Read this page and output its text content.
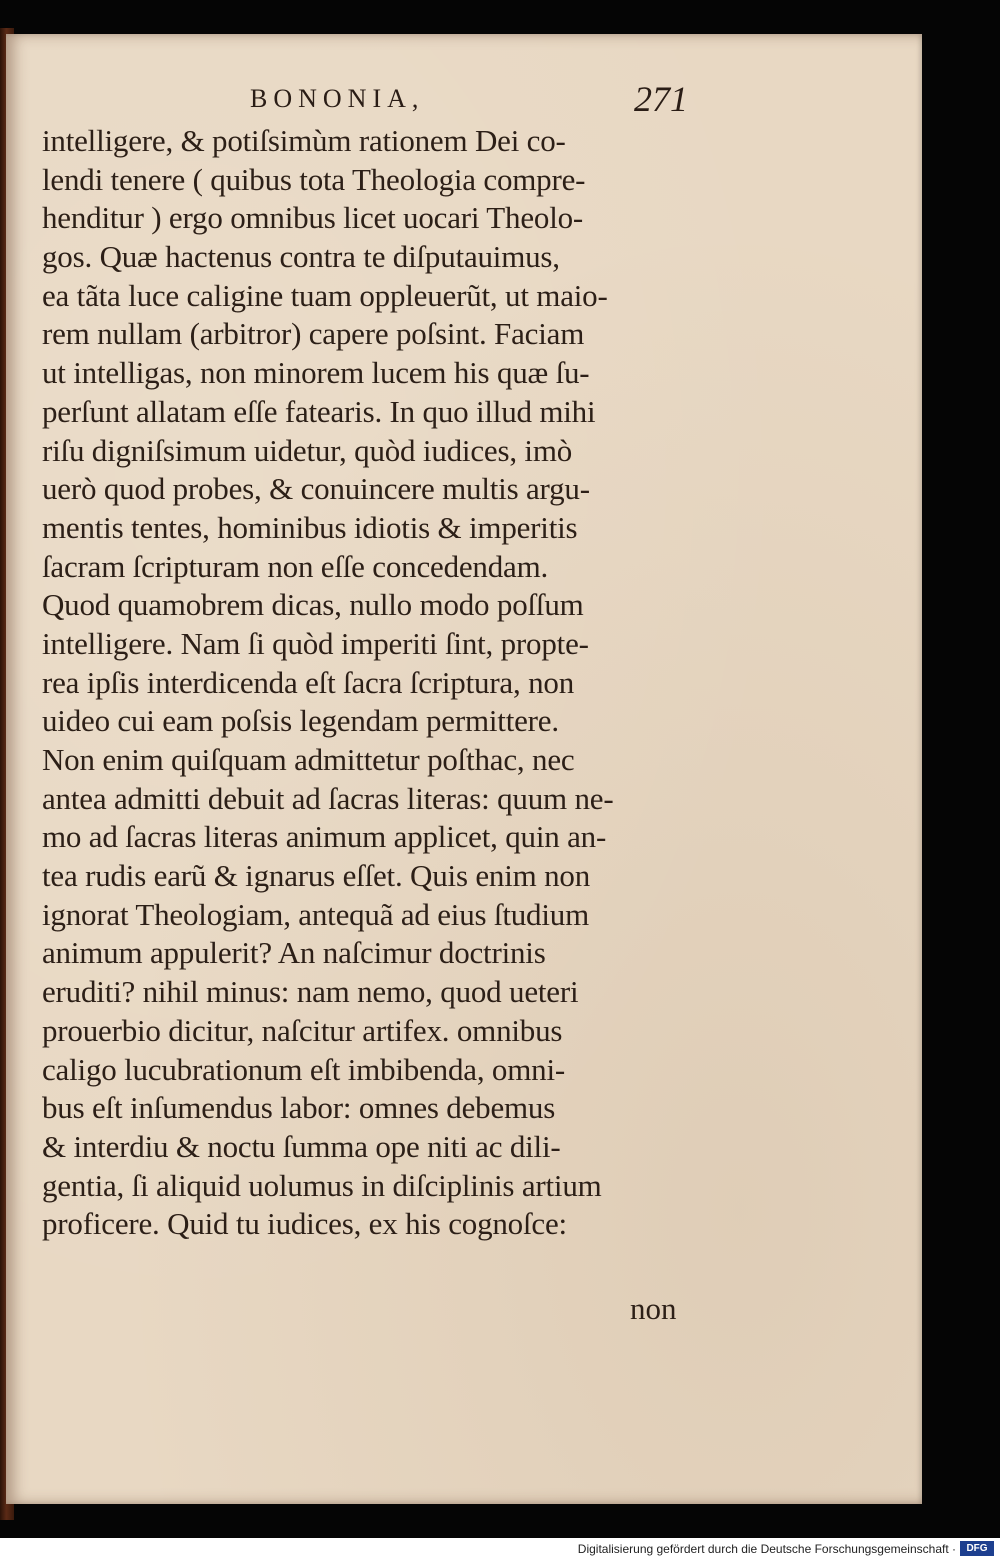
BONONIA,	271
intelligere, & potiſsimùm rationem Dei co-
lendi tenere ( quibus tota Theologia compre-
henditur ) ergo omnibus licet uocari Theolo-
gos. Quæ hactenus contra te diſputauimus,
ea tãta luce caligine tuam oppleuerũt, ut maio-
rem nullam (arbitror) capere poſsint. Faciam
ut intelligas, non minorem lucem his quæ ſu-
perſunt allatam eſſe fatearis. In quo illud mihi
riſu digniſsimum uidetur, quòd iudices, imò
uerò quod probes, & conuincere multis argu-
mentis tentes, hominibus idiotis & imperitis
ſacram ſcripturam non eſſe concedendam.
Quod quamobrem dicas, nullo modo poſſum
intelligere. Nam ſi quòd imperiti ſint, propte-
rea ipſis interdicenda eſt ſacra ſcriptura, non
uideo cui eam poſsis legendam permittere.
Non enim quiſquam admittetur poſthac, nec
antea admitti debuit ad ſacras literas: quum ne-
mo ad ſacras literas animum applicet, quin an-
tea rudis earũ & ignarus eſſet. Quis enim non
ignorat Theologiam, antequã ad eius ſtudium
animum appulerit? An naſcimur doctrinis
eruditi? nihil minus: nam nemo, quod ueteri
prouerbio dicitur, naſcitur artifex. omnibus
caligo lucubrationum eſt imbibenda, omni-
bus eſt inſumendus labor: omnes debemus
& interdiu & noctu ſumma ope niti ac dili-
gentia, ſi aliquid uolumus in diſciplinis artium
proficere. Quid tu iudices, ex his cognoſce:
non
Digitalisierung gefördert durch die Deutsche Forschungsgemeinschaft ·	DFG
